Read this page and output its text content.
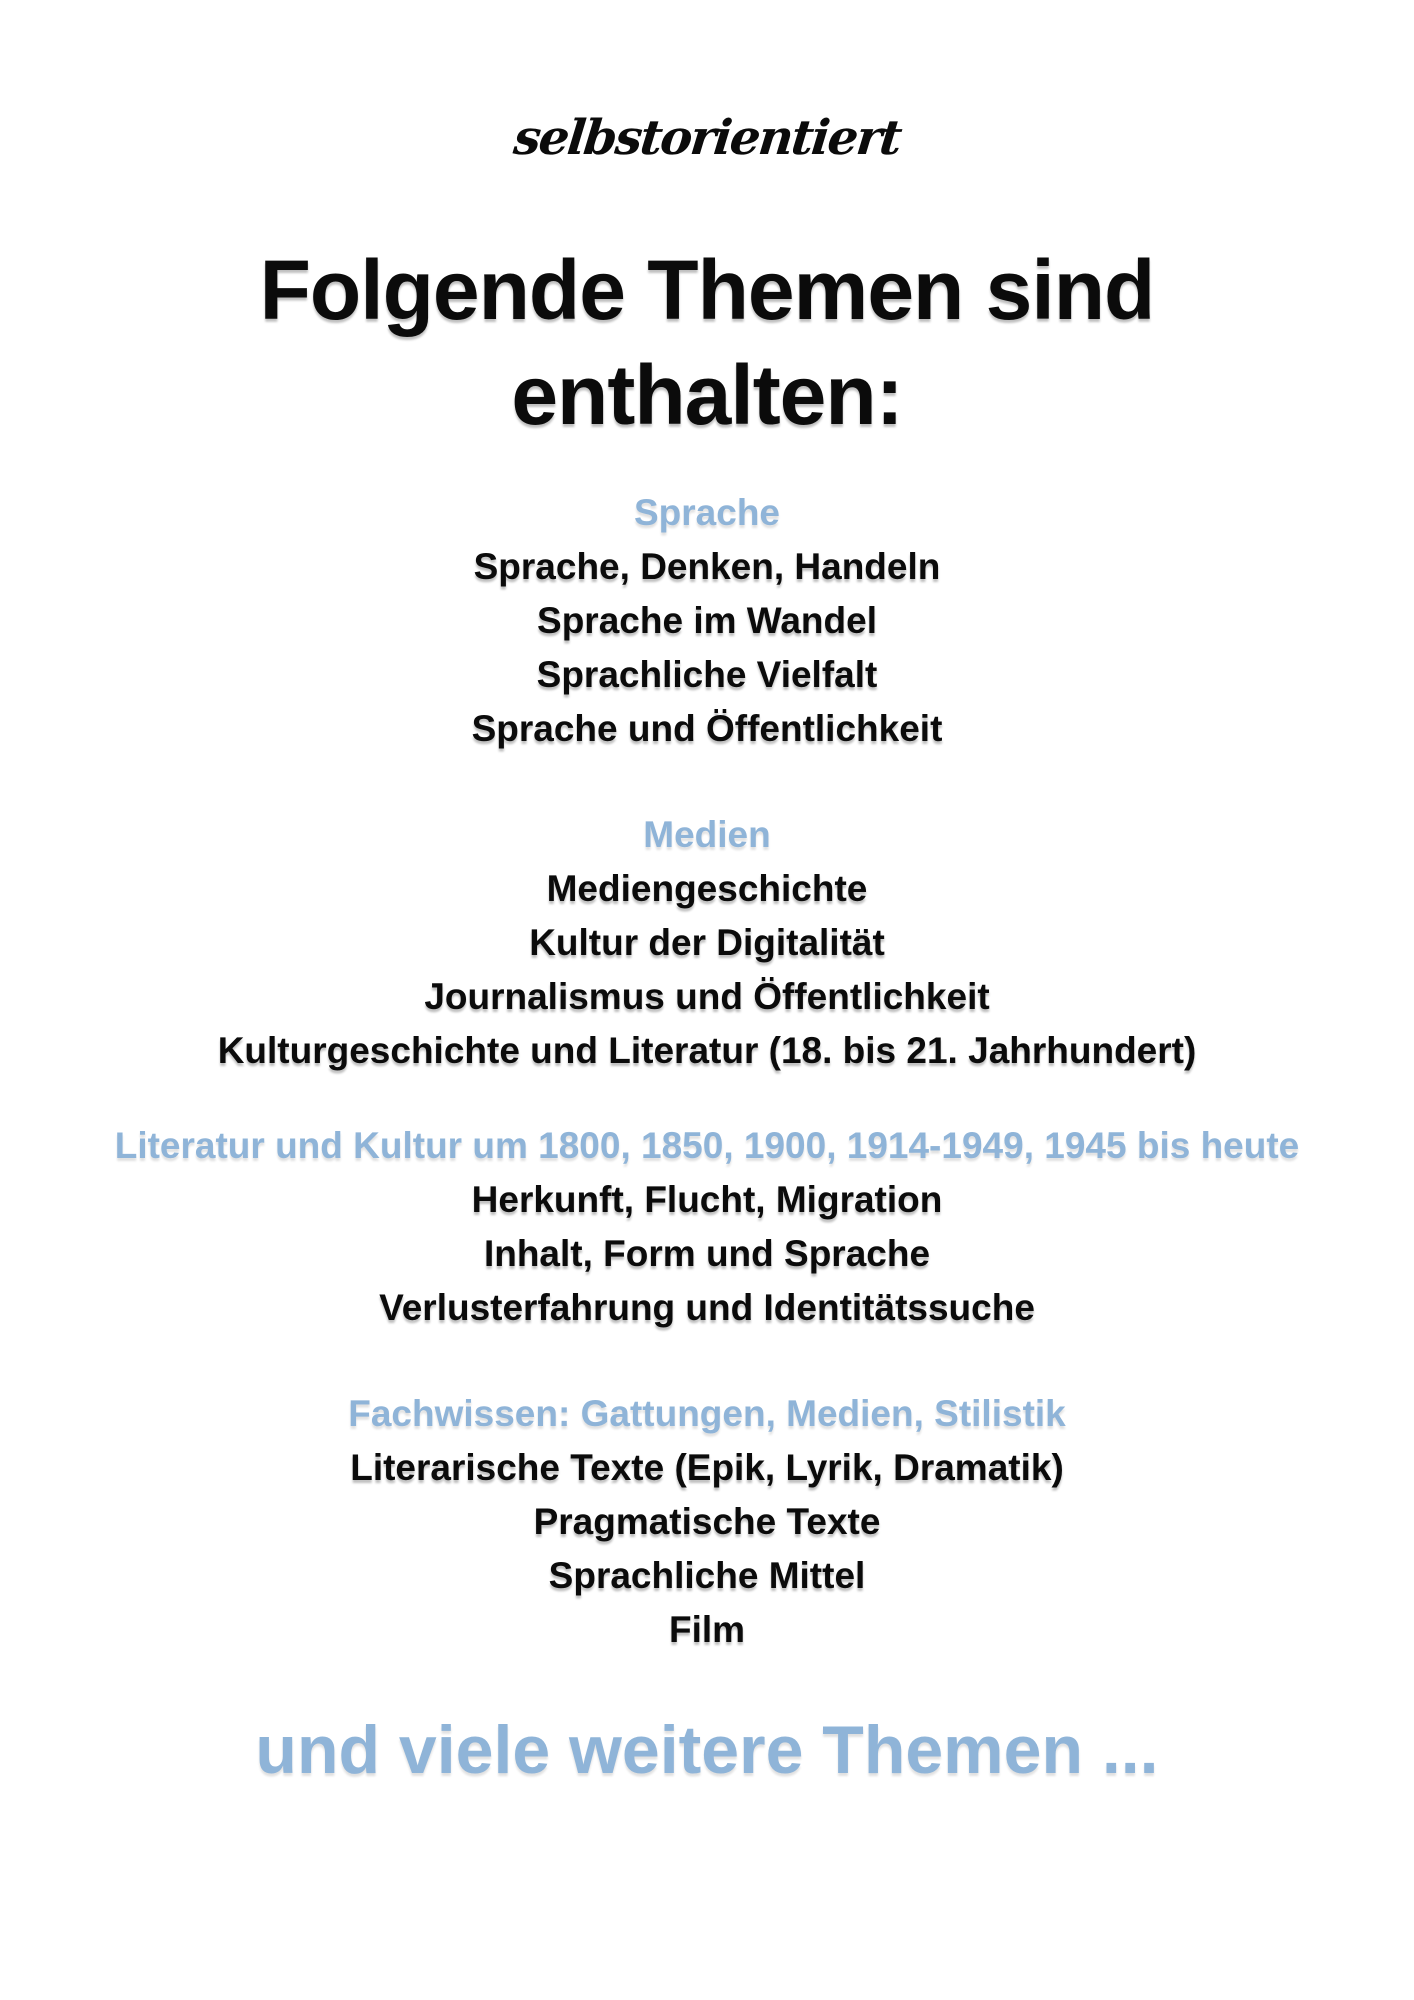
selbstorientiert
Folgende Themen sind
enthalten:
Sprache
Sprache, Denken, Handeln
Sprache im Wandel
Sprachliche Vielfalt
Sprache und Öffentlichkeit
Medien
Mediengeschichte
Kultur der Digitalität
Journalismus und Öffentlichkeit
Kulturgeschichte und Literatur (18. bis 21. Jahrhundert)
Literatur und Kultur um 1800, 1850, 1900, 1914-1949, 1945 bis heute
Herkunft, Flucht, Migration
Inhalt, Form und Sprache
Verlusterfahrung und Identitätssuche
Fachwissen: Gattungen, Medien, Stilistik
Literarische Texte (Epik, Lyrik, Dramatik)
Pragmatische Texte
Sprachliche Mittel
Film
und viele weitere Themen ...
